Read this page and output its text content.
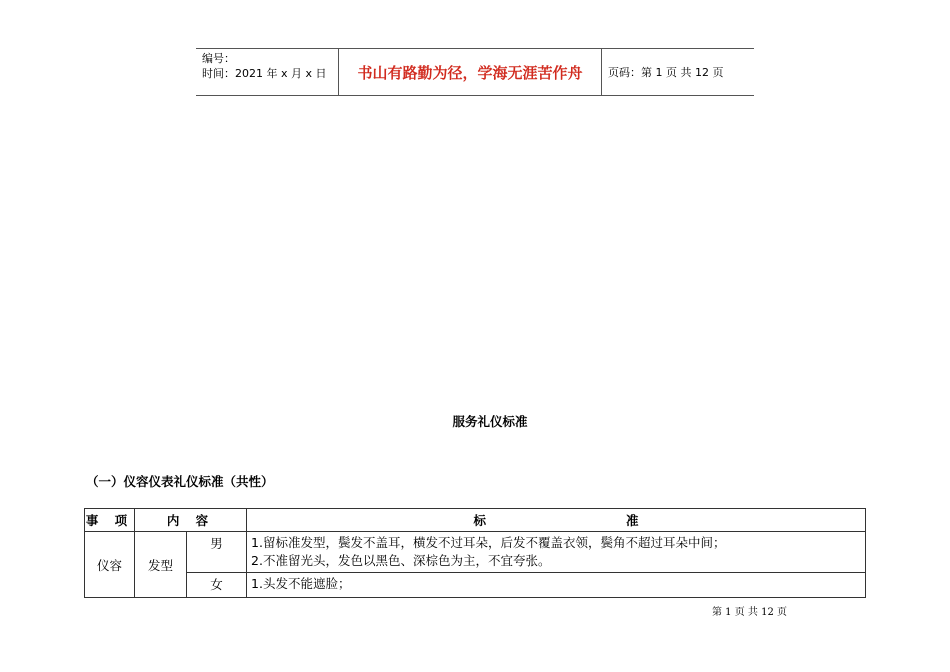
编号：
时间：2021 年 x 月 x 日	书山有路勤为径，学海无涯苦作舟	页码：第 1 页 共 12 页
服务礼仪标准
（一）仪容仪表礼仪标准（共性）
事 项	内 容		标 准

仪容	发型	男	1.留标准发型，鬓发不盖耳，横发不过耳朵，后发不覆盖衣领，鬓角不超过耳朵中间；
2.不准留光头，发色以黑色、深棕色为主，不宜夸张。

		女	1.头发不能遮脸；
第 1 页 共 12 页
